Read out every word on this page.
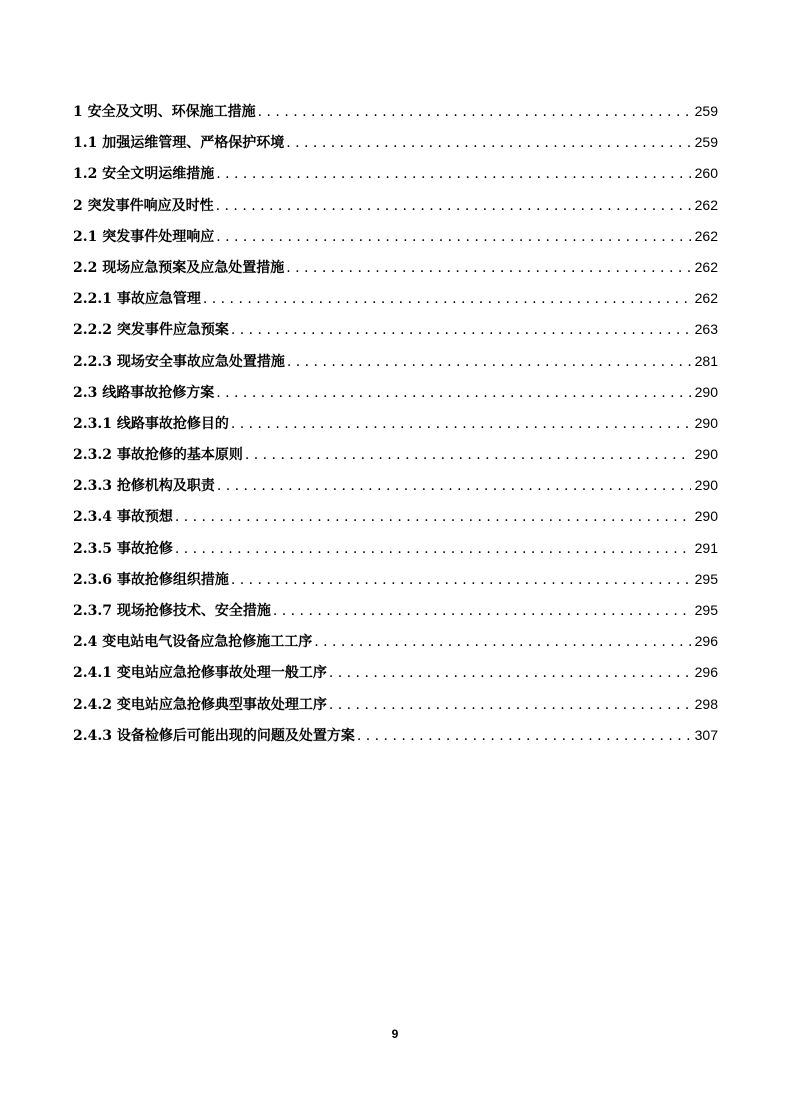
1 安全及文明、环保施工措施 . . .	259
1.1 加强运维管理、严格保护环境 . . .	259
1.2 安全文明运维措施 . . .	260
2 突发事件响应及时性 . . .	262
2.1 突发事件处理响应 . . .	262
2.2 现场应急预案及应急处置措施 . . .	262
2.2.1 事故应急管理 . . .	262
2.2.2 突发事件应急预案 . . .	263
2.2.3 现场安全事故应急处置措施 . . .	281
2.3 线路事故抢修方案 . . .	290
2.3.1 线路事故抢修目的 . . .	290
2.3.2 事故抢修的基本原则 . . .	290
2.3.3 抢修机构及职责 . . .	290
2.3.4 事故预想 . . .	290
2.3.5 事故抢修 . . .	291
2.3.6 事故抢修组织措施 . . .	295
2.3.7 现场抢修技术、安全措施 . . .	295
2.4 变电站电气设备应急抢修施工工序 . . .	296
2.4.1 变电站应急抢修事故处理一般工序 . . .	296
2.4.2 变电站应急抢修典型事故处理工序 . . .	298
2.4.3 设备检修后可能出现的问题及处置方案 . . .	307
9
